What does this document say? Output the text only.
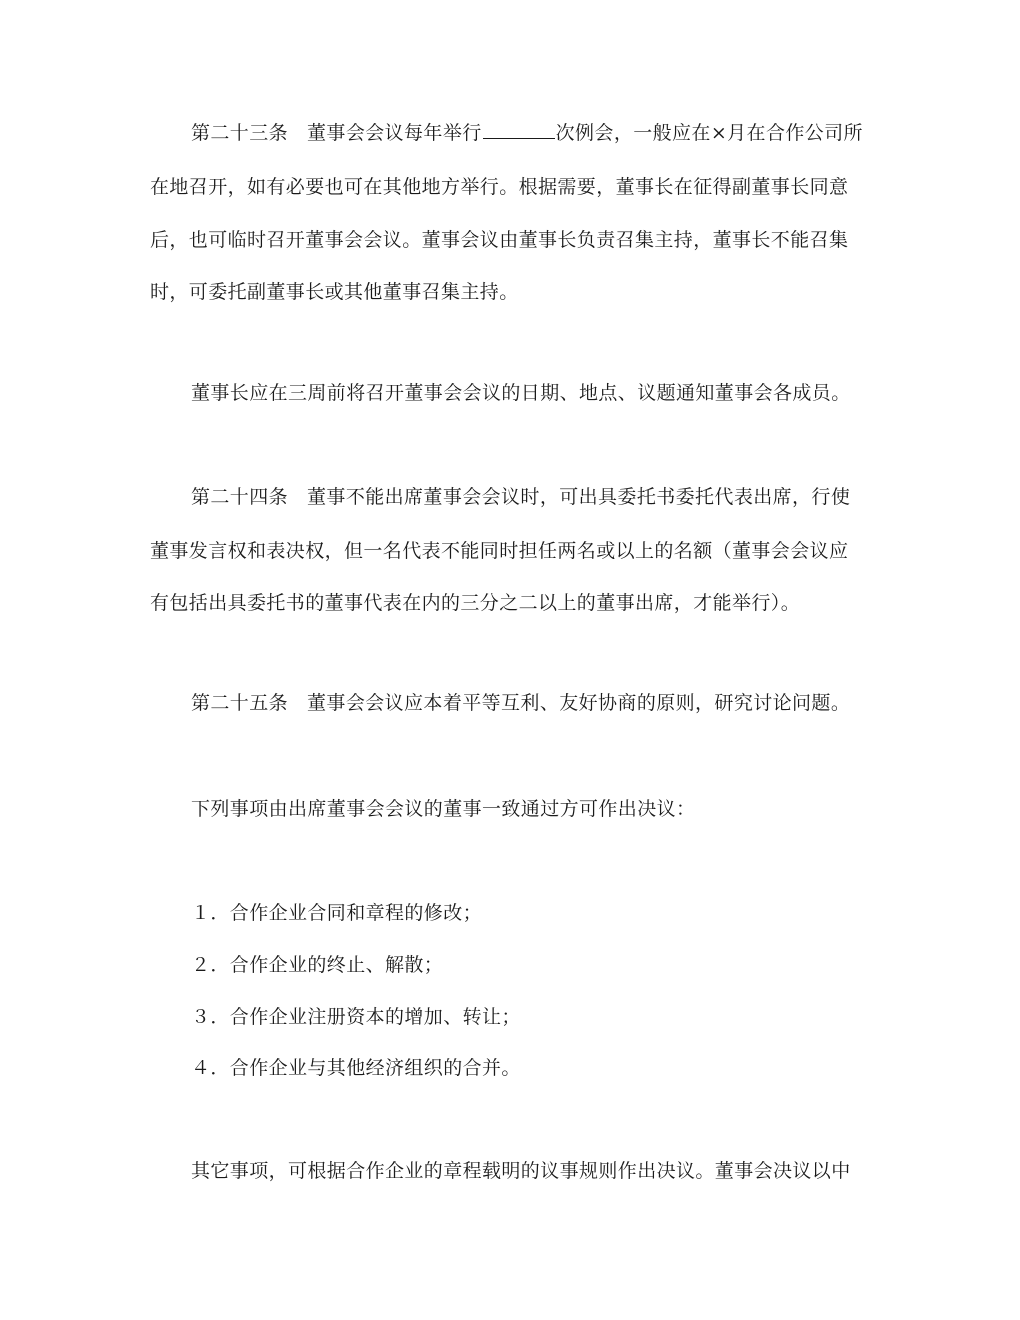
第二十三条 董事会会议每年举行	次例会，一般应在×月在合作公司所
在地召开，如有必要也可在其他地方举行。根据需要，董事长在征得副董事长同意
后，也可临时召开董事会会议。董事会议由董事长负责召集主持，董事长不能召集
时，可委托副董事长或其他董事召集主持。
董事长应在三周前将召开董事会会议的日期、地点、议题通知董事会各成员。
第二十四条 董事不能出席董事会会议时，可出具委托书委托代表出席，行使
董事发言权和表决权，但一名代表不能同时担任两名或以上的名额（董事会会议应
有包括出具委托书的董事代表在内的三分之二以上的董事出席，才能举行）。
第二十五条 董事会会议应本着平等互利、友好协商的原则，研究讨论问题。
下列事项由出席董事会会议的董事一致通过方可作出决议：
１．合作企业合同和章程的修改；
２．合作企业的终止、解散；
３．合作企业注册资本的增加、转让；
４．合作企业与其他经济组织的合并。
其它事项，可根据合作企业的章程载明的议事规则作出决议。董事会决议以中
